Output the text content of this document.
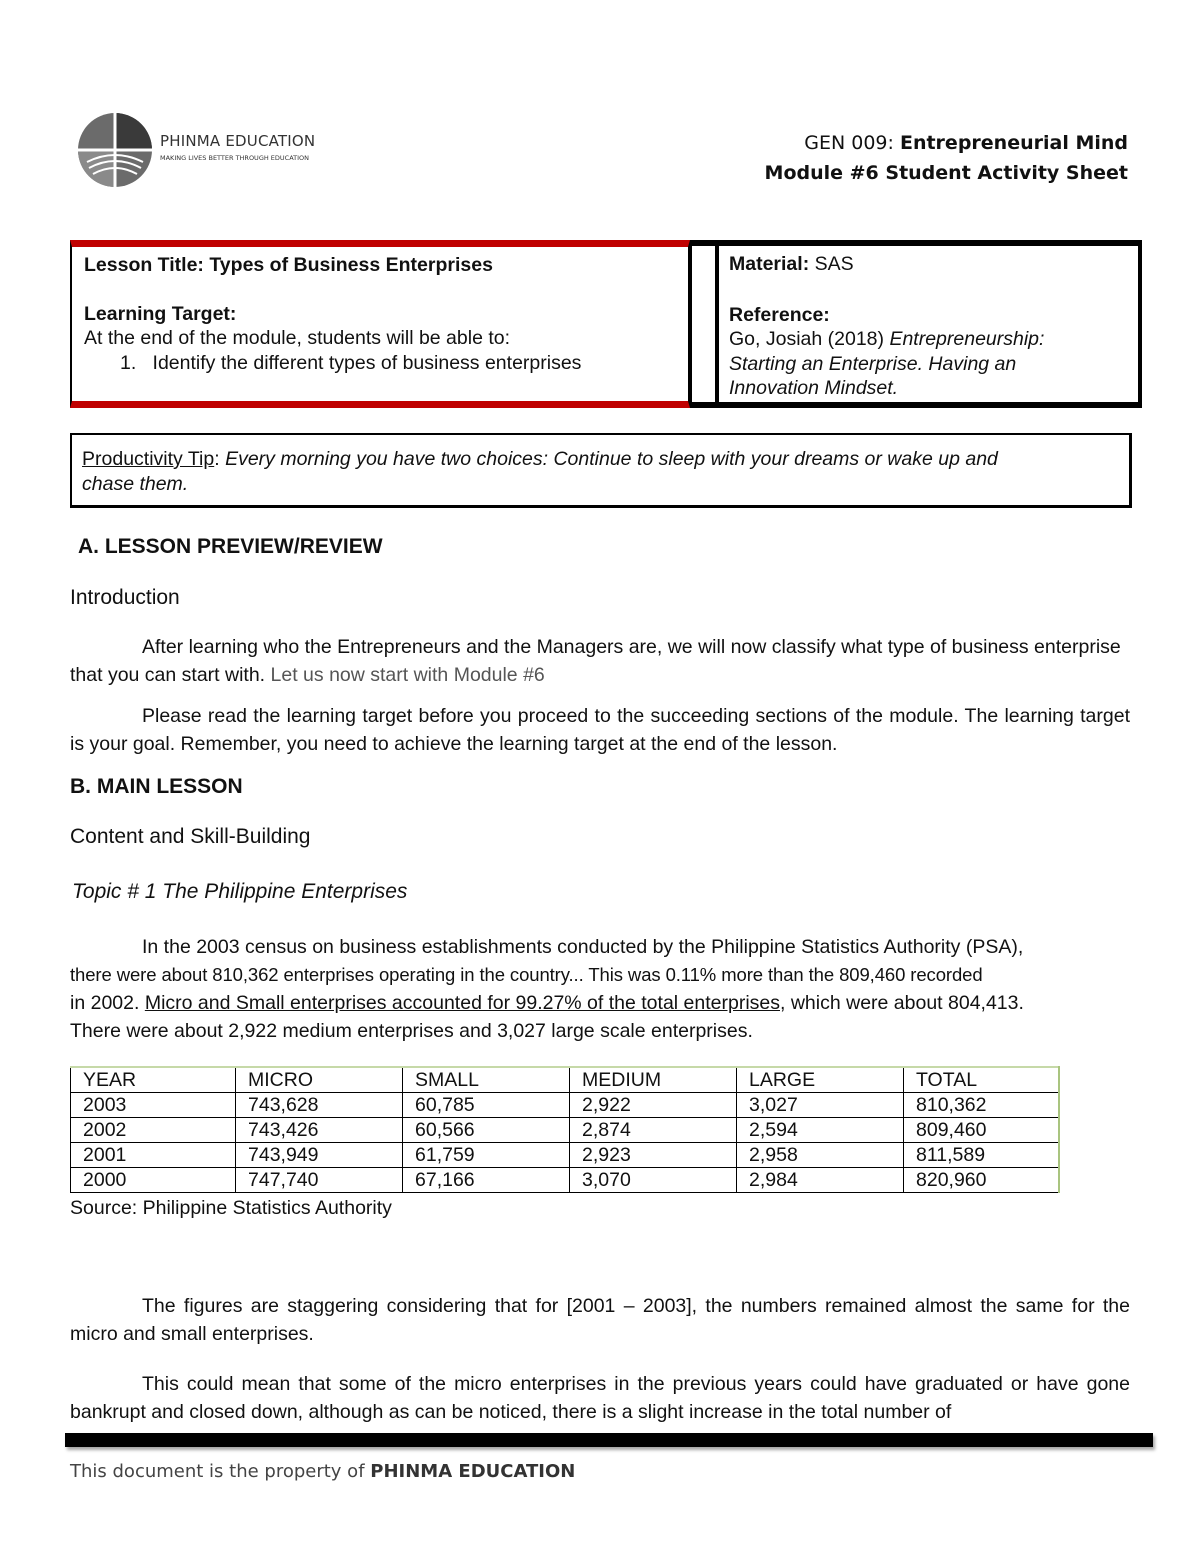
PHINMA EDUCATION
MAKING LIVES BETTER THROUGH EDUCATION
GEN 009: Entrepreneurial Mind
Module #6 Student Activity Sheet
Lesson Title: Types of Business Enterprises
Learning Target:
At the end of the module, students will be able to:
1. Identify the different types of business enterprises
Material: SAS
Reference:
Go, Josiah (2018) Entrepreneurship:
Starting an Enterprise. Having an
Innovation Mindset.
Productivity Tip: Every morning you have two choices: Continue to sleep with your dreams or wake up and
chase them.
A. LESSON PREVIEW/REVIEW
Introduction
After learning who the Entrepreneurs and the Managers are, we will now classify what type of business enterprise that you can start with. Let us now start with Module #6
Please read the learning target before you proceed to the succeeding sections of the module. The learning target is your goal. Remember, you need to achieve the learning target at the end of the lesson.
B. MAIN LESSON
Content and Skill-Building
Topic # 1 The Philippine Enterprises
In the 2003 census on business establishments conducted by the Philippine Statistics Authority (PSA),
there were about 810,362 enterprises operating in the country... This was 0.11% more than the 809,460 recorded
in 2002. Micro and Small enterprises accounted for 99.27% of the total enterprises, which were about 804,413.
There were about 2,922 medium enterprises and 3,027 large scale enterprises.
YEAR	MICRO	SMALL	MEDIUM	LARGE	TOTAL
2003	743,628	60,785	2,922	3,027	810,362
2002	743,426	60,566	2,874	2,594	809,460
2001	743,949	61,759	2,923	2,958	811,589
2000	747,740	67,166	3,070	2,984	820,960
Source: Philippine Statistics Authority
The figures are staggering considering that for [2001 – 2003], the numbers remained almost the same for the micro and small enterprises.
This could mean that some of the micro enterprises in the previous years could have graduated or have gone bankrupt and closed down, although as can be noticed, there is a slight increase in the total number of
This document is the property of PHINMA EDUCATION
